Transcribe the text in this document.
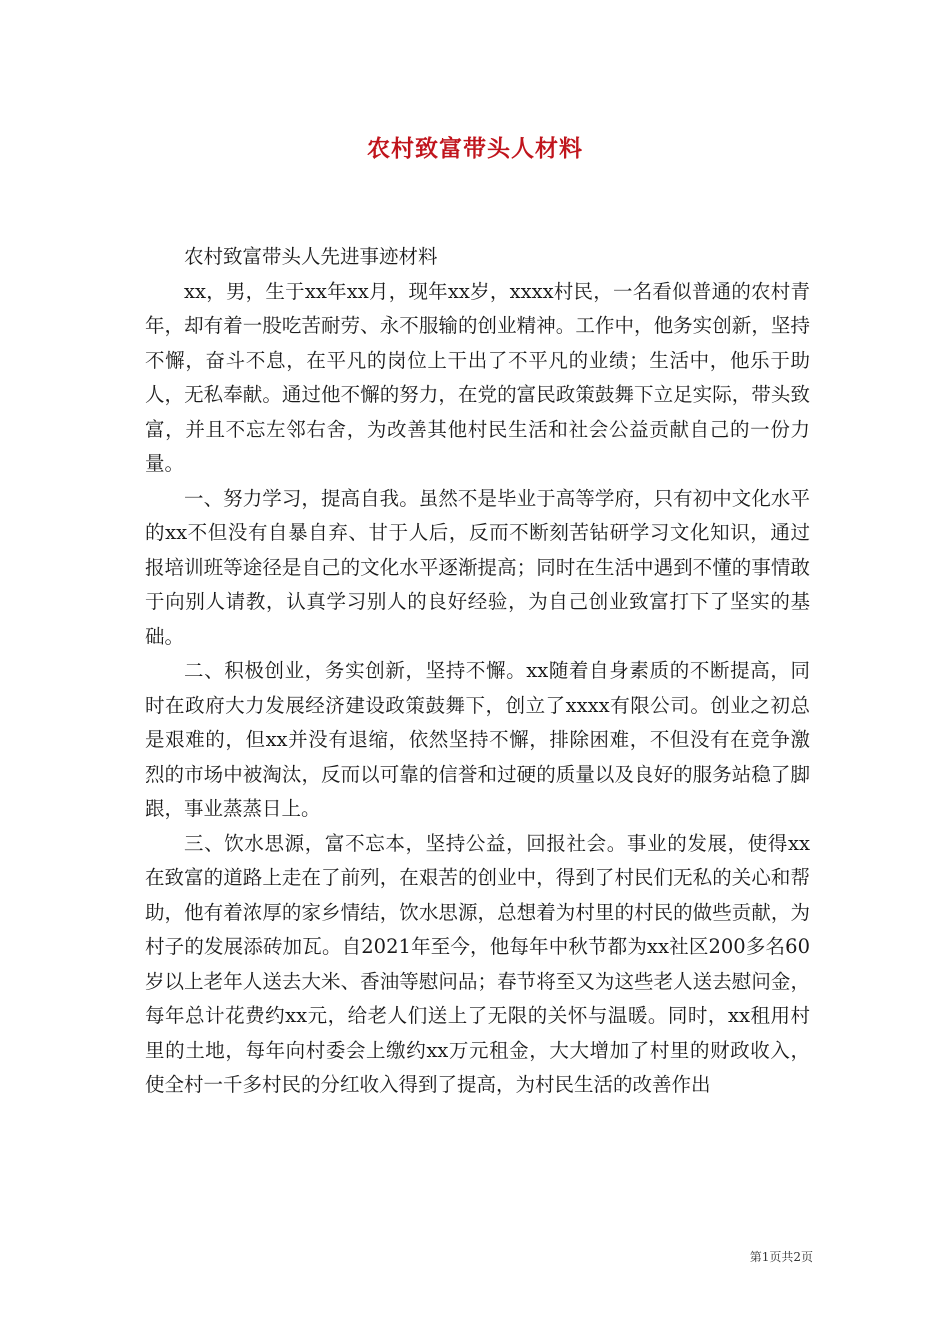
农村致富带头人材料

农村致富带头人先进事迹材料

xx，男，生于xx年xx月，现年xx岁，xxxx村民，一名看似普通的农村青年，却有着一股吃苦耐劳、永不服输的创业精神。工作中，他务实创新，坚持不懈，奋斗不息，在平凡的岗位上干出了不平凡的业绩；生活中，他乐于助人，无私奉献。通过他不懈的努力，在党的富民政策鼓舞下立足实际，带头致富，并且不忘左邻右舍，为改善其他村民生活和社会公益贡献自己的一份力量。

一、努力学习，提高自我。虽然不是毕业于高等学府，只有初中文化水平的xx不但没有自暴自弃、甘于人后，反而不断刻苦钻研学习文化知识，通过报培训班等途径是自己的文化水平逐渐提高；同时在生活中遇到不懂的事情敢于向别人请教，认真学习别人的良好经验，为自己创业致富打下了坚实的基础。

二、积极创业，务实创新，坚持不懈。xx随着自身素质的不断提高，同时在政府大力发展经济建设政策鼓舞下，创立了xxxx有限公司。创业之初总是艰难的，但xx并没有退缩，依然坚持不懈，排除困难，不但没有在竞争激烈的市场中被淘汰，反而以可靠的信誉和过硬的质量以及良好的服务站稳了脚跟，事业蒸蒸日上。

三、饮水思源，富不忘本，坚持公益，回报社会。事业的发展，使得xx在致富的道路上走在了前列，在艰苦的创业中，得到了村民们无私的关心和帮助，他有着浓厚的家乡情结，饮水思源，总想着为村里的村民的做些贡献，为村子的发展添砖加瓦。自2021年至今，他每年中秋节都为xx社区200多名60岁以上老年人送去大米、香油等慰问品；春节将至又为这些老人送去慰问金，每年总计花费约xx元，给老人们送上了无限的关怀与温暖。同时，xx租用村里的土地，每年向村委会上缴约xx万元租金，大大增加了村里的财政收入，使全村一千多村民的分红收入得到了提高，为村民生活的改善作出

第1页共2页
